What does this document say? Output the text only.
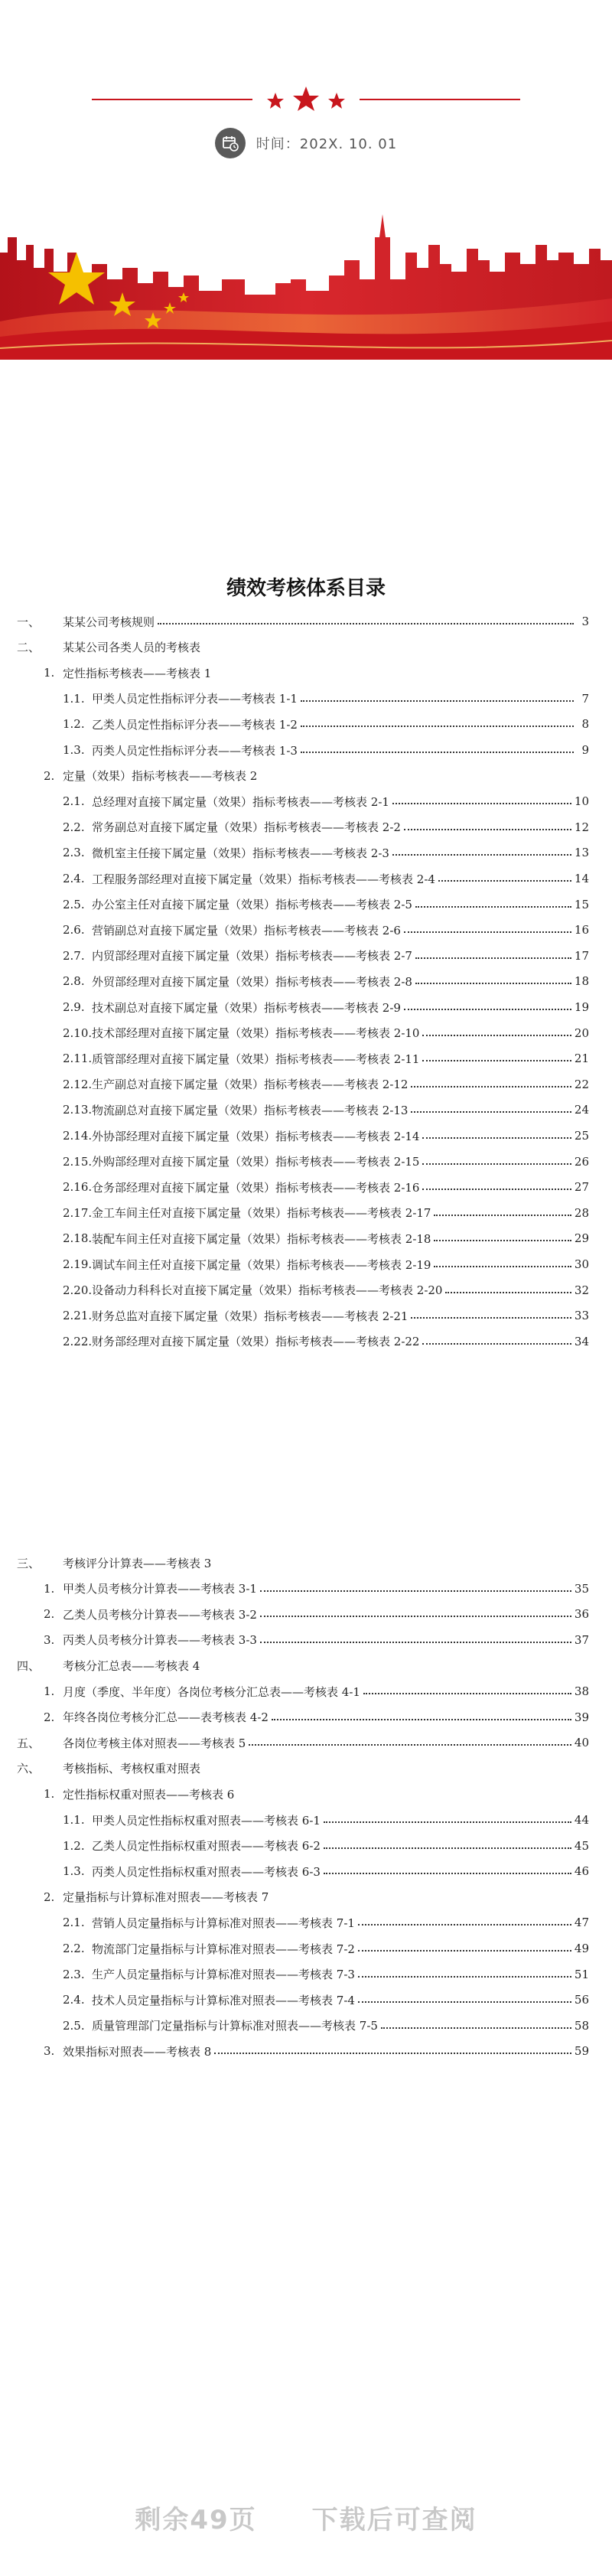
时间：202X. 10. 01
绩效考核体系目录
一、	某某公司考核规则	3
二、	某某公司各类人员的考核表
1. 定性指标考核表——考核表 1
1.1. 甲类人员定性指标评分表——考核表 1-1	7
1.2. 乙类人员定性指标评分表——考核表 1-2	8
1.3. 丙类人员定性指标评分表——考核表 1-3	9
2. 定量（效果）指标考核表——考核表 2
2.1. 总经理对直接下属定量（效果）指标考核表——考核表 2-1	10
2.2. 常务副总对直接下属定量（效果）指标考核表——考核表 2-2	12
2.3. 微机室主任接下属定量（效果）指标考核表——考核表 2-3	13
2.4. 工程服务部经理对直接下属定量（效果）指标考核表——考核表 2-4	14
2.5. 办公室主任对直接下属定量（效果）指标考核表——考核表 2-5	15
2.6. 营销副总对直接下属定量（效果）指标考核表——考核表 2-6	16
2.7. 内贸部经理对直接下属定量（效果）指标考核表——考核表 2-7	17
2.8. 外贸部经理对直接下属定量（效果）指标考核表——考核表 2-8	18
2.9. 技术副总对直接下属定量（效果）指标考核表——考核表 2-9	19
2.10. 技术部经理对直接下属定量（效果）指标考核表——考核表 2-10	20
2.11. 质管部经理对直接下属定量（效果）指标考核表——考核表 2-11	21
2.12. 生产副总对直接下属定量（效果）指标考核表——考核表 2-12	22
2.13. 物流副总对直接下属定量（效果）指标考核表——考核表 2-13	24
2.14. 外协部经理对直接下属定量（效果）指标考核表——考核表 2-14	25
2.15. 外购部经理对直接下属定量（效果）指标考核表——考核表 2-15	26
2.16. 仓务部经理对直接下属定量（效果）指标考核表——考核表 2-16	27
2.17. 金工车间主任对直接下属定量（效果）指标考核表——考核表 2-17	28
2.18. 装配车间主任对直接下属定量（效果）指标考核表——考核表 2-18	29
2.19. 调试车间主任对直接下属定量（效果）指标考核表——考核表 2-19	30
2.20. 设备动力科科长对直接下属定量（效果）指标考核表——考核表 2-20	32
2.21. 财务总监对直接下属定量（效果）指标考核表——考核表 2-21	33
2.22. 财务部经理对直接下属定量（效果）指标考核表——考核表 2-22	34
三、	考核评分计算表——考核表 3
1. 甲类人员考核分计算表——考核表 3-1	35
2. 乙类人员考核分计算表——考核表 3-2	36
3. 丙类人员考核分计算表——考核表 3-3	37
四、	考核分汇总表——考核表 4
1. 月度（季度、半年度）各岗位考核分汇总表——考核表 4-1	38
2. 年终各岗位考核分汇总——表考核表 4-2	39
五、	各岗位考核主体对照表——考核表 5	40
六、	考核指标、考核权重对照表
1. 定性指标权重对照表——考核表 6
1.1. 甲类人员定性指标权重对照表——考核表 6-1	44
1.2. 乙类人员定性指标权重对照表——考核表 6-2	45
1.3. 丙类人员定性指标权重对照表——考核表 6-3	46
2. 定量指标与计算标准对照表——考核表 7
2.1. 营销人员定量指标与计算标准对照表——考核表 7-1	47
2.2. 物流部门定量指标与计算标准对照表——考核表 7-2	49
2.3. 生产人员定量指标与计算标准对照表——考核表 7-3	51
2.4. 技术人员定量指标与计算标准对照表——考核表 7-4	56
2.5. 质量管理部门定量指标与计算标准对照表——考核表 7-5	58
3. 效果指标对照表——考核表 8	59
剩余49页　　下载后可查阅
